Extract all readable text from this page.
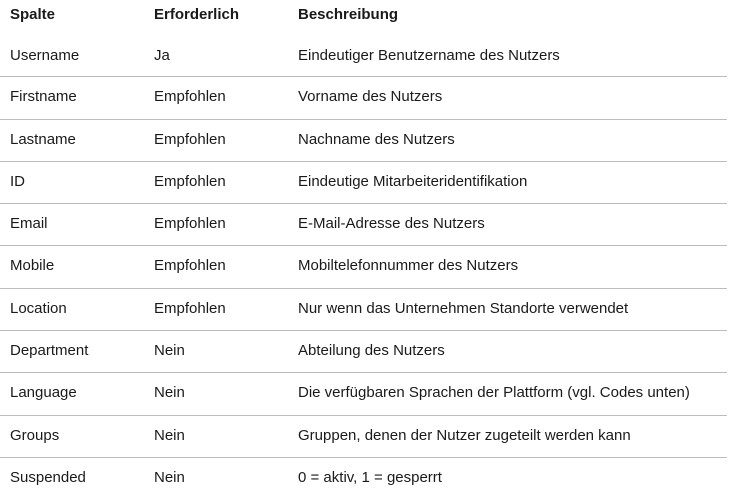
Spalte	Erforderlich	Beschreibung
Username	Ja	Eindeutiger Benutzername des Nutzers
Firstname	Empfohlen	Vorname des Nutzers
Lastname	Empfohlen	Nachname des Nutzers
ID	Empfohlen	Eindeutige Mitarbeiteridentifikation
Email	Empfohlen	E-Mail-Adresse des Nutzers
Mobile	Empfohlen	Mobiltelefonnummer des Nutzers
Location	Empfohlen	Nur wenn das Unternehmen Standorte verwendet
Department	Nein	Abteilung des Nutzers
Language	Nein	Die verfügbaren Sprachen der Plattform (vgl. Codes unten)
Groups	Nein	Gruppen, denen der Nutzer zugeteilt werden kann
Suspended	Nein	0 = aktiv, 1 = gesperrt
